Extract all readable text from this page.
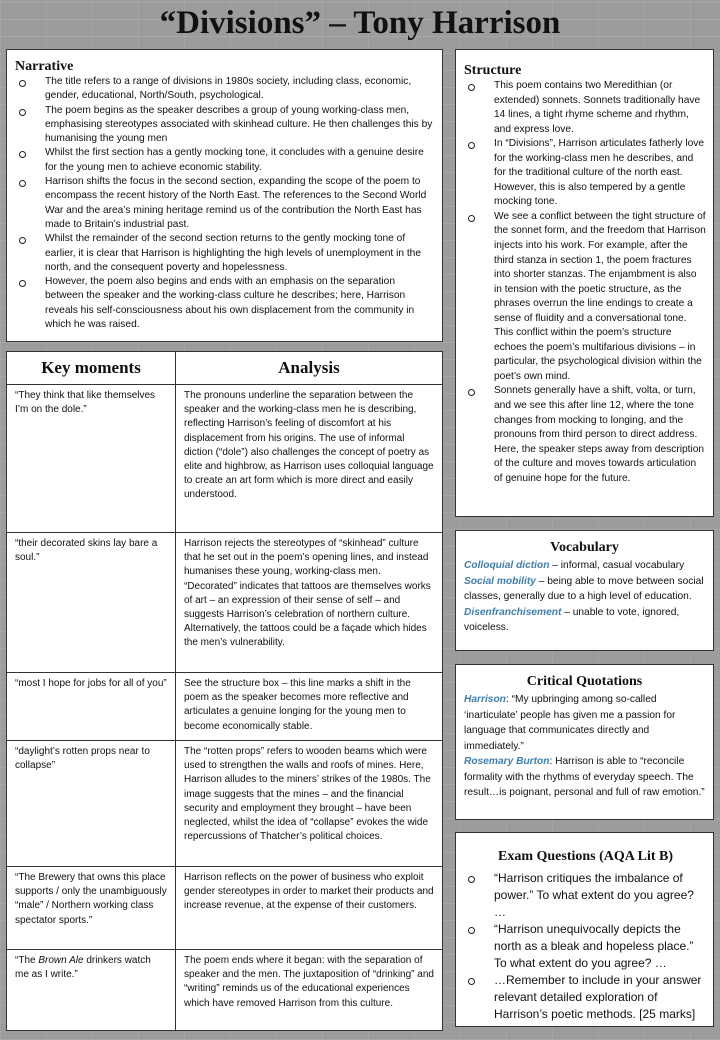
“Divisions” – Tony Harrison
Narrative
The title refers to a range of divisions in 1980s society, including class, economic, gender, educational, North/South, psychological.
The poem begins as the speaker describes a group of young working-class men, emphasising stereotypes associated with skinhead culture. He then challenges this by humanising the young men
Whilst the first section has a gently mocking tone, it concludes with a genuine desire for the young men to achieve economic stability.
Harrison shifts the focus in the second section, expanding the scope of the poem to encompass the recent history of the North East. The references to the Second World War and the area’s mining heritage remind us of the contribution the North East has made to Britain’s industrial past.
Whilst the remainder of the second section returns to the gently mocking tone of earlier, it is clear that Harrison is highlighting the high levels of unemployment in the north, and the consequent poverty and hopelessness.
However, the poem also begins and ends with an emphasis on the separation between the speaker and the working-class culture he describes; here, Harrison reveals his self-consciousness about his own displacement from the community in which he was raised.
Structure
This poem contains two Meredithian (or extended) sonnets. Sonnets traditionally have 14 lines, a tight rhyme scheme and rhythm, and express love.
In “Divisions”, Harrison articulates fatherly love for the working-class men he describes, and for the traditional culture of the north east. However, this is also tempered by a gentle mocking tone.
We see a conflict between the tight structure of the sonnet form, and the freedom that Harrison injects into his work. For example, after the third stanza in section 1, the poem fractures into shorter stanzas. The enjambment is also in tension with the poetic structure, as the phrases overrun the line endings to create a sense of fluidity and a conversational tone. This conflict within the poem’s structure echoes the poem’s multifarious divisions – in particular, the psychological division within the poet’s own mind.
Sonnets generally have a shift, volta, or turn, and we see this after line 12, where the tone changes from mocking to longing, and the pronouns from third person to direct address. Here, the speaker steps away from description of the culture and moves towards articulation of genuine hope for the future.
Key moments	Analysis
“They think that like themselves I’m on the dole.”	The pronouns underline the separation between the speaker and the working-class men he is describing, reflecting Harrison’s feeling of discomfort at his displacement from his origins. The use of informal diction (“dole”) also challenges the concept of poetry as elite and highbrow, as Harrison uses colloquial language to create an art form which is more direct and easily understood.
“their decorated skins lay bare a soul.”	Harrison rejects the stereotypes of “skinhead” culture that he set out in the poem’s opening lines, and instead humanises these young, working-class men. “Decorated” indicates that tattoos are themselves works of art – an expression of their sense of self – and suggests Harrison’s celebration of northern culture. Alternatively, the tattoos could be a façade which hides the men’s vulnerability.
“most I hope for jobs for all of you”	See the structure box – this line marks a shift in the poem as the speaker becomes more reflective and articulates a genuine longing for the young men to become economically stable.
“daylight’s rotten props near to collapse”	The “rotten props” refers to wooden beams which were used to strengthen the walls and roofs of mines. Here, Harrison alludes to the miners’ strikes of the 1980s. The image suggests that the mines – and the financial security and employment they brought – have been neglected, whilst the idea of “collapse” evokes the wide repercussions of Thatcher’s political choices.
“The Brewery that owns this place supports / only the unambiguously “male” / Northern working class spectator sports.”	Harrison reflects on the power of business who exploit gender stereotypes in order to market their products and increase revenue, at the expense of their customers.
“The Brown Ale drinkers watch me as I write.”	The poem ends where it began: with the separation of speaker and the men. The juxtaposition of “drinking” and “writing” reminds us of the educational experiences which have removed Harrison from this culture.
Vocabulary
Colloquial diction – informal, casual vocabulary
Social mobility – being able to move between social classes, generally due to a high level of education.
Disenfranchisement – unable to vote, ignored, voiceless.
Critical Quotations
Harrison: “My upbringing among so-called ‘inarticulate’ people has given me a passion for language that communicates directly and immediately.”
Rosemary Burton: Harrison is able to “reconcile formality with the rhythms of everyday speech. The result…is poignant, personal and full of raw emotion.”
Exam Questions (AQA Lit B)
“Harrison critiques the imbalance of power.” To what extent do you agree? …
“Harrison unequivocally depicts the north as a bleak and hopeless place.” To what extent do you agree? …
…Remember to include in your answer relevant detailed exploration of Harrison’s poetic methods. [25 marks]
